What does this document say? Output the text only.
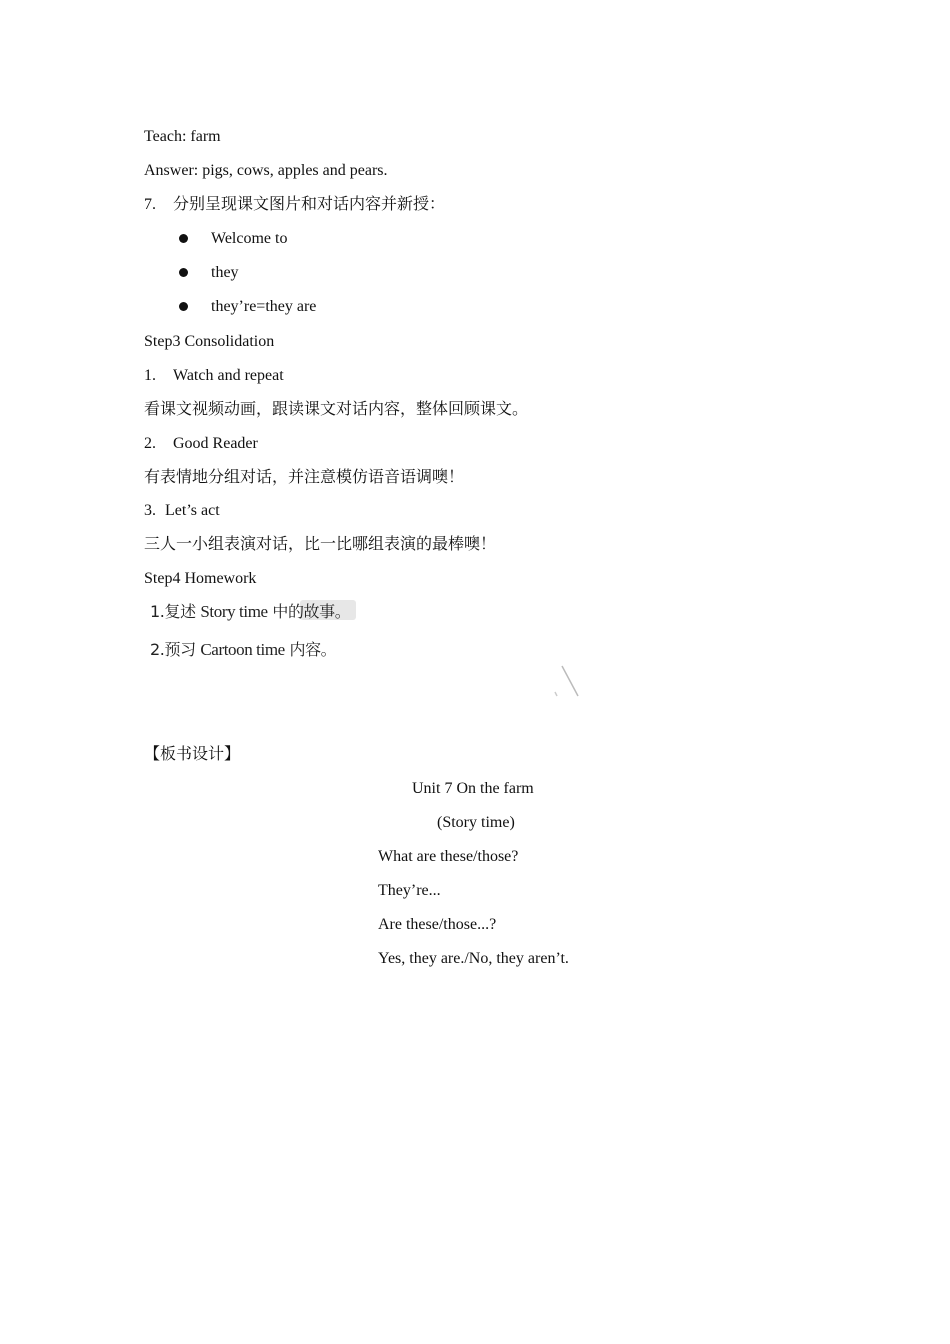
Teach: farm
Answer: pigs, cows, apples and pears.
7. 分别呈现课文图片和对话内容并新授：
Welcome to
they
they’re=they are
Step3 Consolidation
1. Watch and repeat
看课文视频动画，跟读课文对话内容，整体回顾课文。
2. Good Reader
有表情地分组对话，并注意模仿语音语调噢！
3. Let’s act
三人一小组表演对话，比一比哪组表演的最棒噢！
Step4 Homework
1.复述 Story time 中的故事。
2.预习 Cartoon time 内容。
【板书设计】
Unit 7 On the farm
(Story time)
What are these/those?
They’re...
Are these/those...?
Yes, they are./No, they aren’t.
